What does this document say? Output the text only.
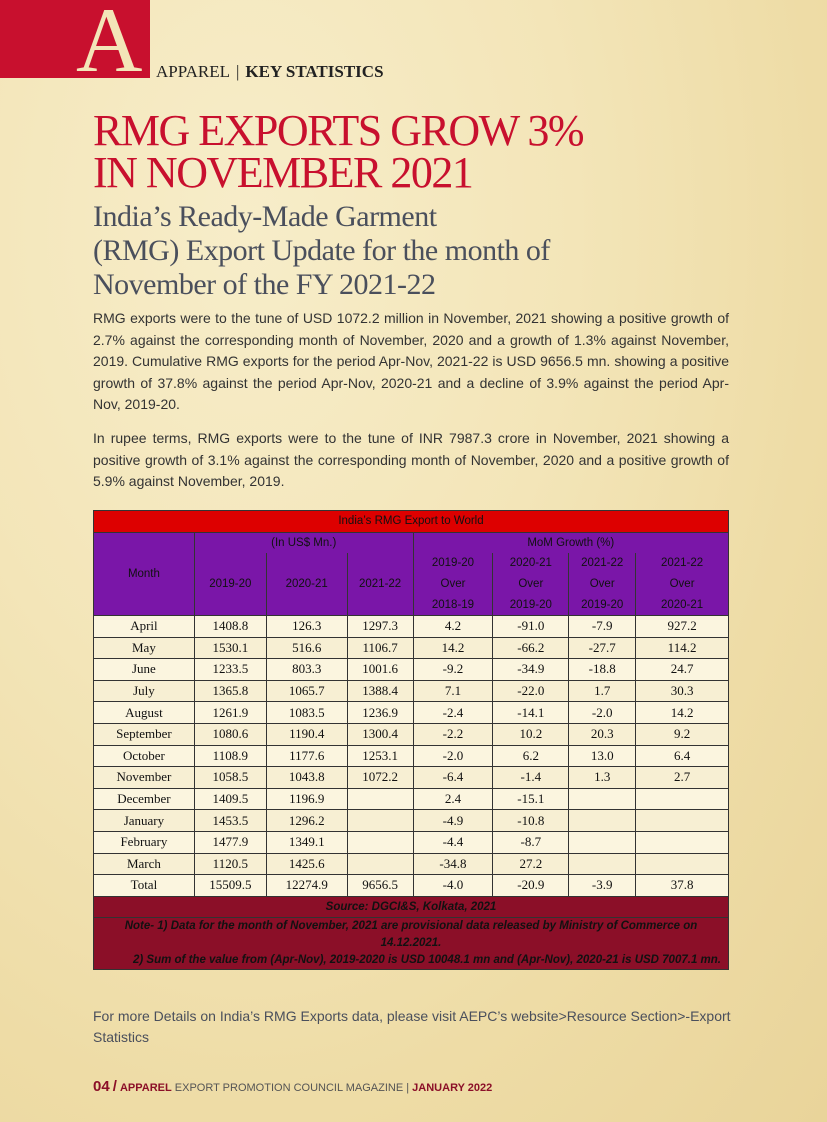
A APPAREL | KEY STATISTICS
RMG EXPORTS GROW 3%
IN NOVEMBER 2021
India’s Ready-Made Garment
(RMG) Export Update for the month of
November of the FY 2021-22
RMG exports were to the tune of USD 1072.2 million in November, 2021 showing a positive growth of 2.7% against the corresponding month of November, 2020 and a growth of 1.3% against November, 2019. Cumulative RMG exports for the period Apr-Nov, 2021-22 is USD 9656.5 mn. showing a positive growth of 37.8% against the period Apr-Nov, 2020-21 and a decline of 3.9% against the period Apr-Nov, 2019-20.
In rupee terms, RMG exports were to the tune of INR 7987.3 crore in November, 2021 showing a positive growth of 3.1% against the corresponding month of November, 2020 and a positive growth of 5.9% against November, 2019.
India’s RMG Export to World							
Month	(In US$ Mn.)			MoM Growth (%)			
	2019-20	2020-21	2021-22	2019-20	2020-21	2021-22	2021-22
				Over	Over	Over	Over
				2018-19	2019-20	2019-20	2020-21
April	1408.8	126.3	1297.3	4.2	-91.0	-7.9	927.2
May	1530.1	516.6	1106.7	14.2	-66.2	-27.7	114.2
June	1233.5	803.3	1001.6	-9.2	-34.9	-18.8	24.7
July	1365.8	1065.7	1388.4	7.1	-22.0	1.7	30.3
August	1261.9	1083.5	1236.9	-2.4	-14.1	-2.0	14.2
September	1080.6	1190.4	1300.4	-2.2	10.2	20.3	9.2
October	1108.9	1177.6	1253.1	-2.0	6.2	13.0	6.4
November	1058.5	1043.8	1072.2	-6.4	-1.4	1.3	2.7
December	1409.5	1196.9		2.4	-15.1		
January	1453.5	1296.2		-4.9	-10.8		
February	1477.9	1349.1		-4.4	-8.7		
March	1120.5	1425.6		-34.8	27.2		
Total	15509.5	12274.9	9656.5	-4.0	-20.9	-3.9	37.8
Source: DGCI&S, Kolkata, 2021							

Note- 1) Data for the month of November, 2021 are provisional data released by Ministry of Commerce on 14.12.2021.
2) Sum of the value from (Apr-Nov), 2019-2020 is USD 10048.1 mn and (Apr-Nov), 2020-21 is USD 7007.1 mn.							
For more Details on India’s RMG Exports data, please visit AEPC’s website>Resource Section>-Export Statistics
04 / APPAREL EXPORT PROMOTION COUNCIL MAGAZINE | JANUARY 2022
